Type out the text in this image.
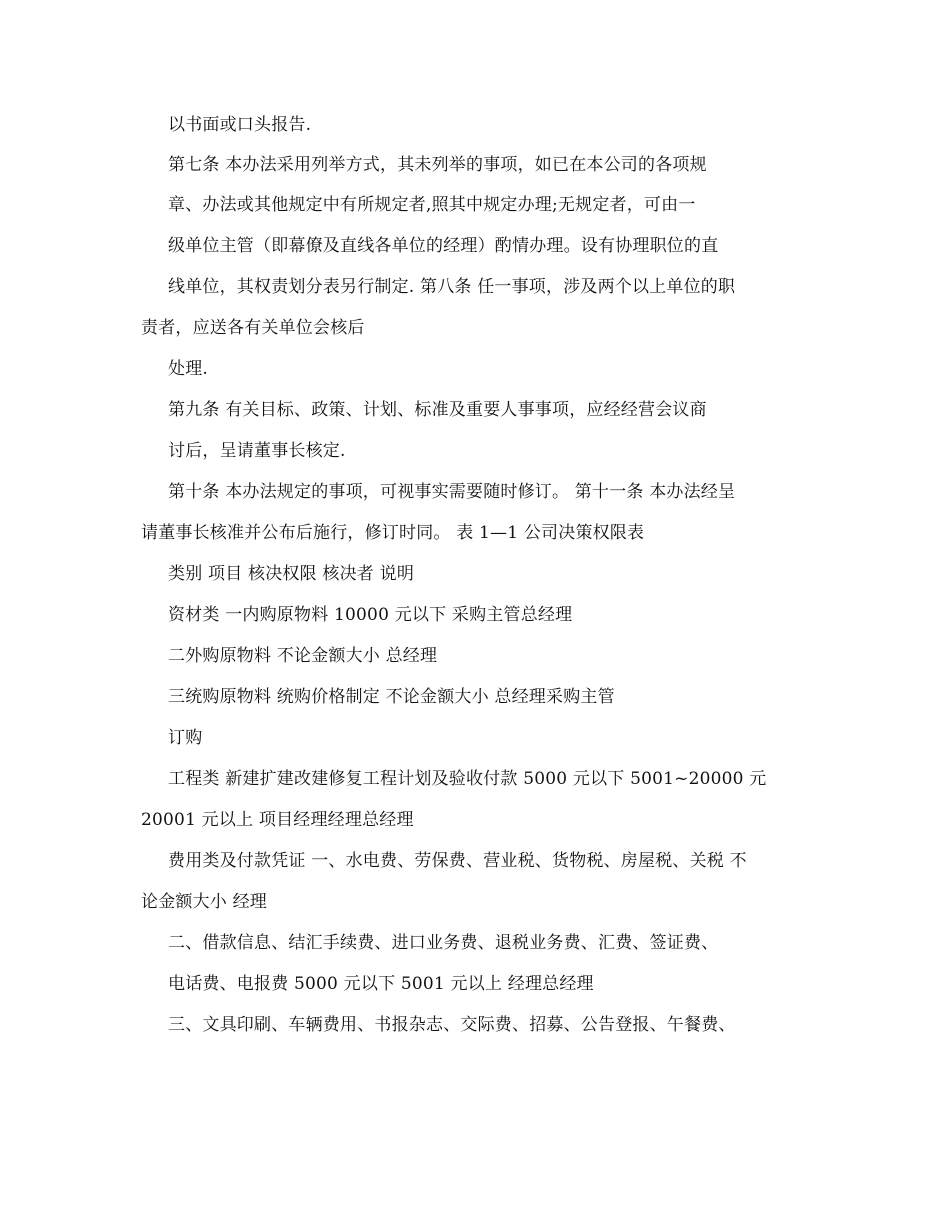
以书面或口头报告.
第七条 本办法采用列举方式，其未列举的事项，如已在本公司的各项规
章、办法或其他规定中有所规定者,照其中规定办理;无规定者，可由一
级单位主管（即幕僚及直线各单位的经理）酌情办理。设有协理职位的直
线单位，其权责划分表另行制定. 第八条 任一事项，涉及两个以上单位的职
责者，应送各有关单位会核后
处理.
第九条 有关目标、政策、计划、标准及重要人事事项，应经经营会议商
讨后，呈请董事长核定.
第十条 本办法规定的事项，可视事实需要随时修订。 第十一条 本办法经呈
请董事长核准并公布后施行，修订时同。 表 1—1 公司决策权限表
类别 项目 核决权限 核决者 说明
资材类 一内购原物料 10000 元以下 采购主管总经理
二外购原物料 不论金额大小 总经理
三统购原物料 统购价格制定 不论金额大小 总经理采购主管
订购
工程类 新建扩建改建修复工程计划及验收付款 5000 元以下 5001~20000 元
20001 元以上 项目经理经理总经理
费用类及付款凭证 一、水电费、劳保费、营业税、货物税、房屋税、关税 不
论金额大小 经理
二、借款信息、结汇手续费、进口业务费、退税业务费、汇费、签证费、
电话费、电报费 5000 元以下 5001 元以上 经理总经理
三、文具印刷、车辆费用、书报杂志、交际费、招募、公告登报、午餐费、
